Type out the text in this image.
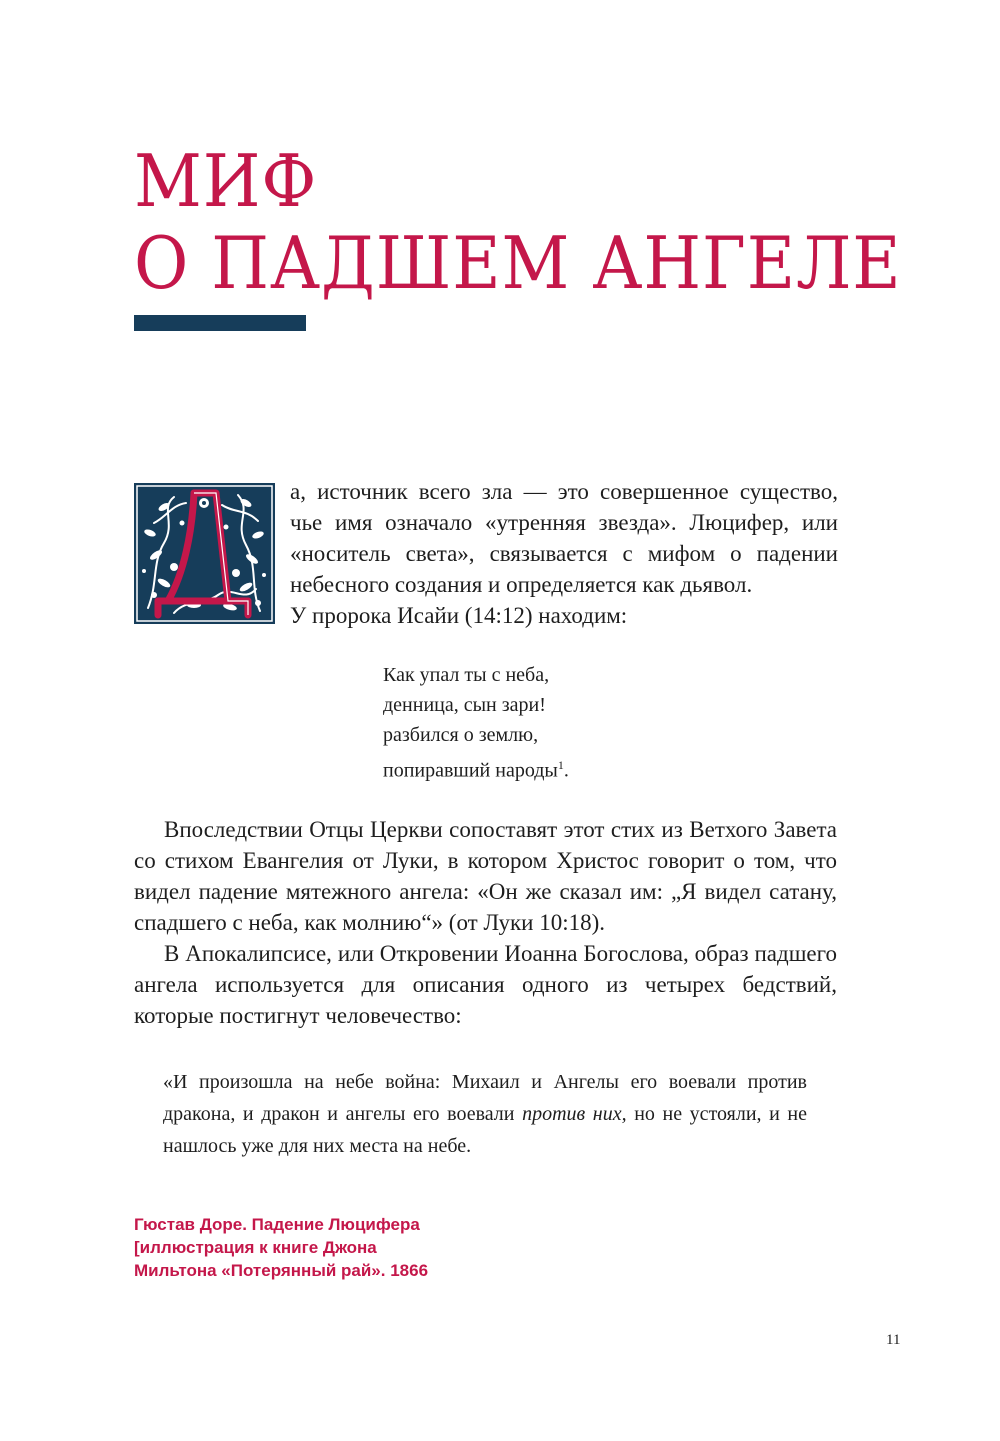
МИФ
О ПАДШЕМ АНГЕЛЕ

а, источник всего зла — это совершенное существо, чье имя означало «утренняя звезда». Люцифер, или «носитель света», связывается с мифом о падении небесного создания и определяется как дьявол.

У пророка Исайи (14:12) находим:

Как упал ты с неба,
денница, сын зари!
разбился о землю,
попиравший народы$^1$.

Впоследствии Отцы Церкви сопоставят этот стих из Ветхого Завета со стихом Евангелия от Луки, в котором Христос говорит о том, что видел падение мятежного ангела: «Он же сказал им: „Я видел сатану, спадшего с неба, как молнию“» (от Луки 10:18).

В Апокалипсисе, или Откровении Иоанна Богослова, образ падшего ангела используется для описания одного из четырех бедствий, которые постигнут человечество:

«И произошла на небе война: Михаил и Ангелы его воевали против дракона, и дракон и ангелы его воевали против них, но не устояли, и не нашлось уже для них места на небе.

Гюстав Доре. Падение Люцифера
[иллюстрация к книге Джона
Мильтона «Потерянный рай». 1866
11
